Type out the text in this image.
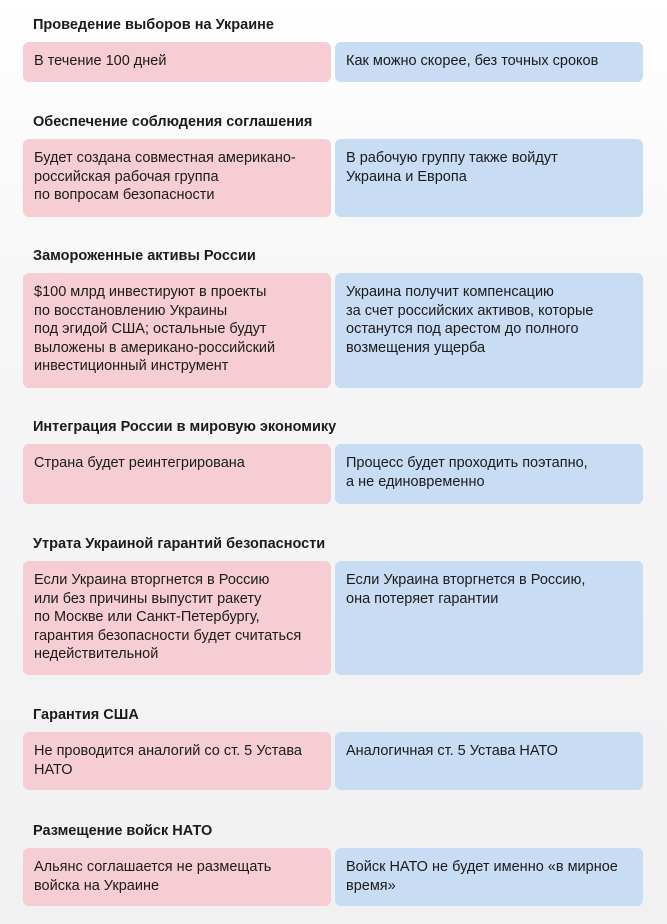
Проведение выборов на Украине
В течение 100 дней	Как можно скорее, без точных сроков
Обеспечение соблюдения соглашения
Будет создана совместная американо-
российская рабочая группа
по вопросам безопасности
В рабочую группу также войдут
Украина и Европа
Замороженные активы России
$100 млрд инвестируют в проекты
по восстановлению Украины
под эгидой США; остальные будут
выложены в американо-российский
инвестиционный инструмент
Украина получит компенсацию
за счет российских активов, которые
останутся под арестом до полного
возмещения ущерба
Интеграция России в мировую экономику
Страна будет реинтегрирована	Процесс будет проходить поэтапно,
а не единовременно
Утрата Украиной гарантий безопасности
Если Украина вторгнется в Россию
или без причины выпустит ракету
по Москве или Санкт-Петербургу,
гарантия безопасности будет считаться
недействительной
Если Украина вторгнется в Россию,
она потеряет гарантии
Гарантия США
Не проводится аналогий со ст. 5 Устава
НАТО
Аналогичная ст. 5 Устава НАТО
Размещение войск НАТО
Альянс соглашается не размещать
войска на Украине
Войск НАТО не будет именно «в мирное
время»
